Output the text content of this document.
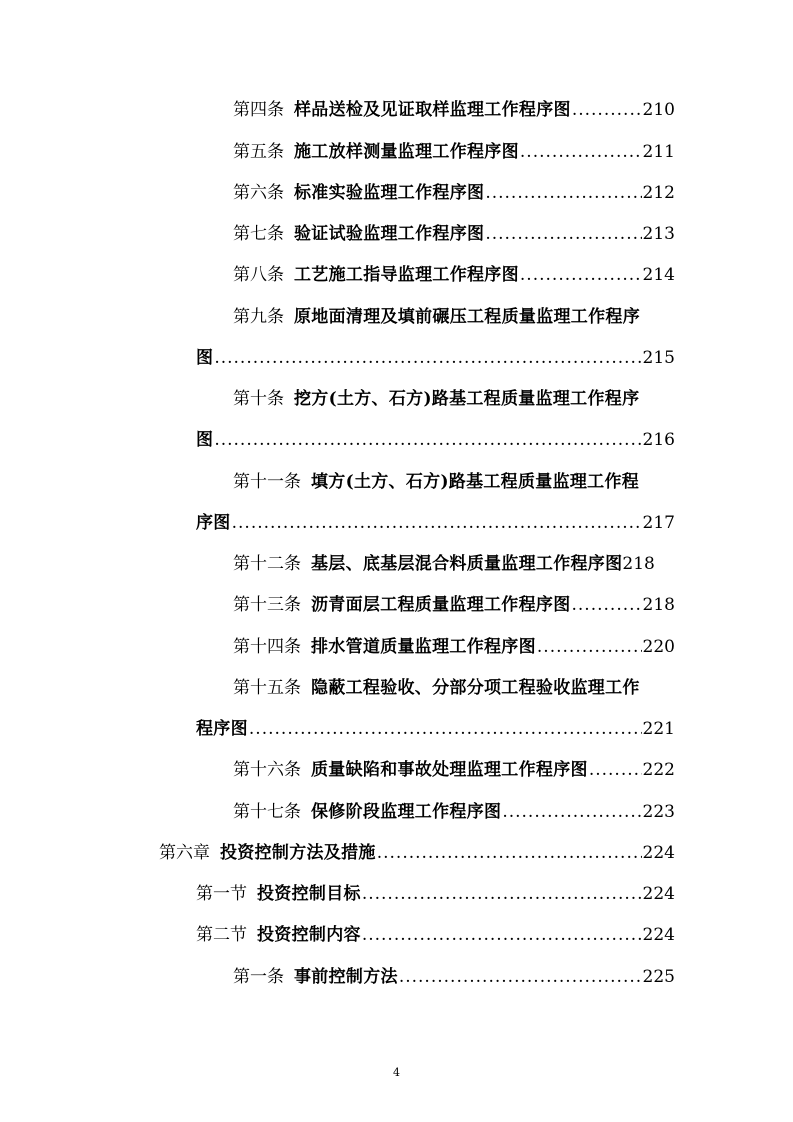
第四条 样品送检及见证取样监理工作程序图 .....	210
第五条 施工放样测量监理工作程序图 .....	211
第六条 标准实验监理工作程序图 .....	212
第七条 验证试验监理工作程序图 .....	213
第八条 工艺施工指导监理工作程序图 .....	214
第九条 原地面清理及填前碾压工程质量监理工作程序
图 .....	215
第十条 挖方(土方、石方)路基工程质量监理工作程序
图 .....	216
第十一条 填方(土方、石方)路基工程质量监理工作程
序图 .....	217
第十二条 基层、底基层混合料质量监理工作程序图 218
第十三条 沥青面层工程质量监理工作程序图 .....	218
第十四条 排水管道质量监理工作程序图 .....	220
第十五条 隐蔽工程验收、分部分项工程验收监理工作
程序图 .....	221
第十六条 质量缺陷和事故处理监理工作程序图 .....	222
第十七条 保修阶段监理工作程序图 .....	223
第六章 投资控制方法及措施 .....	224
第一节 投资控制目标 .....	224
第二节 投资控制内容 .....	224
第一条 事前控制方法 .....	225
4
